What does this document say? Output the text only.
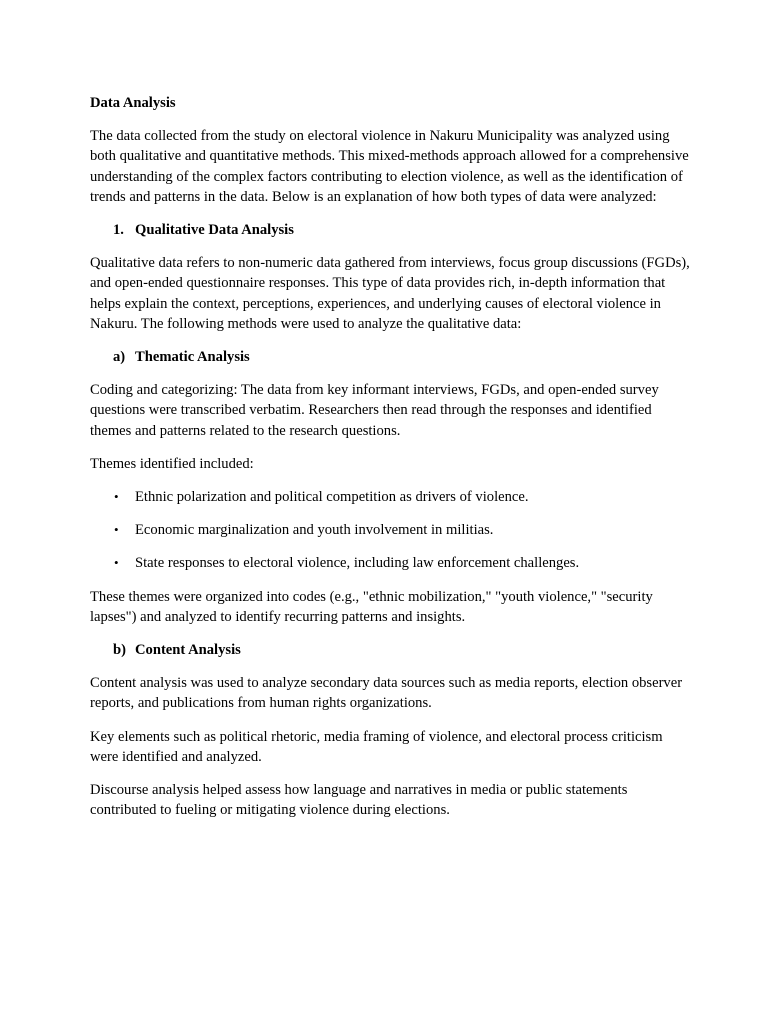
Data Analysis

The data collected from the study on electoral violence in Nakuru Municipality was analyzed using both qualitative and quantitative methods. This mixed-methods approach allowed for a comprehensive understanding of the complex factors contributing to election violence, as well as the identification of trends and patterns in the data. Below is an explanation of how both types of data were analyzed:

1. Qualitative Data Analysis

Qualitative data refers to non-numeric data gathered from interviews, focus group discussions (FGDs), and open-ended questionnaire responses. This type of data provides rich, in-depth information that helps explain the context, perceptions, experiences, and underlying causes of electoral violence in Nakuru. The following methods were used to analyze the qualitative data:

a) Thematic Analysis

Coding and categorizing: The data from key informant interviews, FGDs, and open-ended survey questions were transcribed verbatim. Researchers then read through the responses and identified themes and patterns related to the research questions.

Themes identified included:

• Ethnic polarization and political competition as drivers of violence.
• Economic marginalization and youth involvement in militias.
• State responses to electoral violence, including law enforcement challenges.

These themes were organized into codes (e.g., "ethnic mobilization," "youth violence," "security lapses") and analyzed to identify recurring patterns and insights.

b) Content Analysis

Content analysis was used to analyze secondary data sources such as media reports, election observer reports, and publications from human rights organizations.

Key elements such as political rhetoric, media framing of violence, and electoral process criticism were identified and analyzed.

Discourse analysis helped assess how language and narratives in media or public statements contributed to fueling or mitigating violence during elections.
